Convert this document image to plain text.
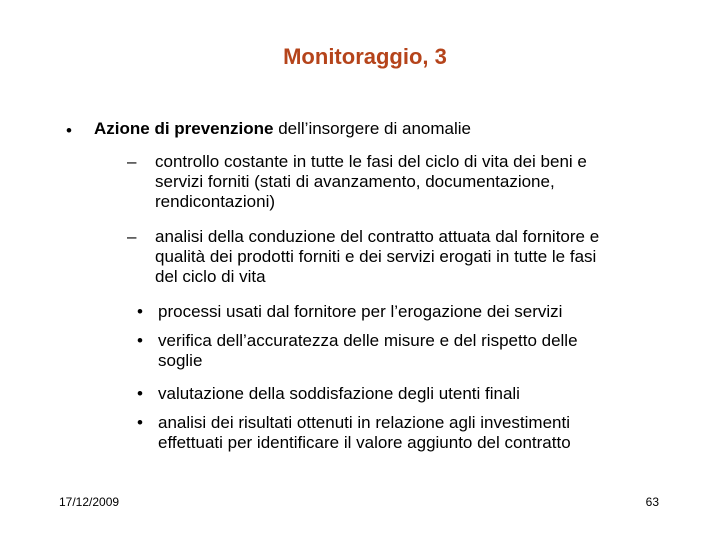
Monitoraggio, 3
• Azione di prevenzione dell’insorgere di anomalie
– controllo costante in tutte le fasi del ciclo di vita dei beni e
servizi forniti (stati di avanzamento, documentazione,
rendicontazioni)
– analisi della conduzione del contratto attuata dal fornitore e
qualità dei prodotti forniti e dei servizi erogati in tutte le fasi
del ciclo di vita
• processi usati dal fornitore per l’erogazione dei servizi
• verifica dell’accuratezza delle misure e del rispetto delle
soglie
• valutazione della soddisfazione degli utenti finali
• analisi dei risultati ottenuti in relazione agli investimenti
effettuati per identificare il valore aggiunto del contratto
17/12/2009	63
